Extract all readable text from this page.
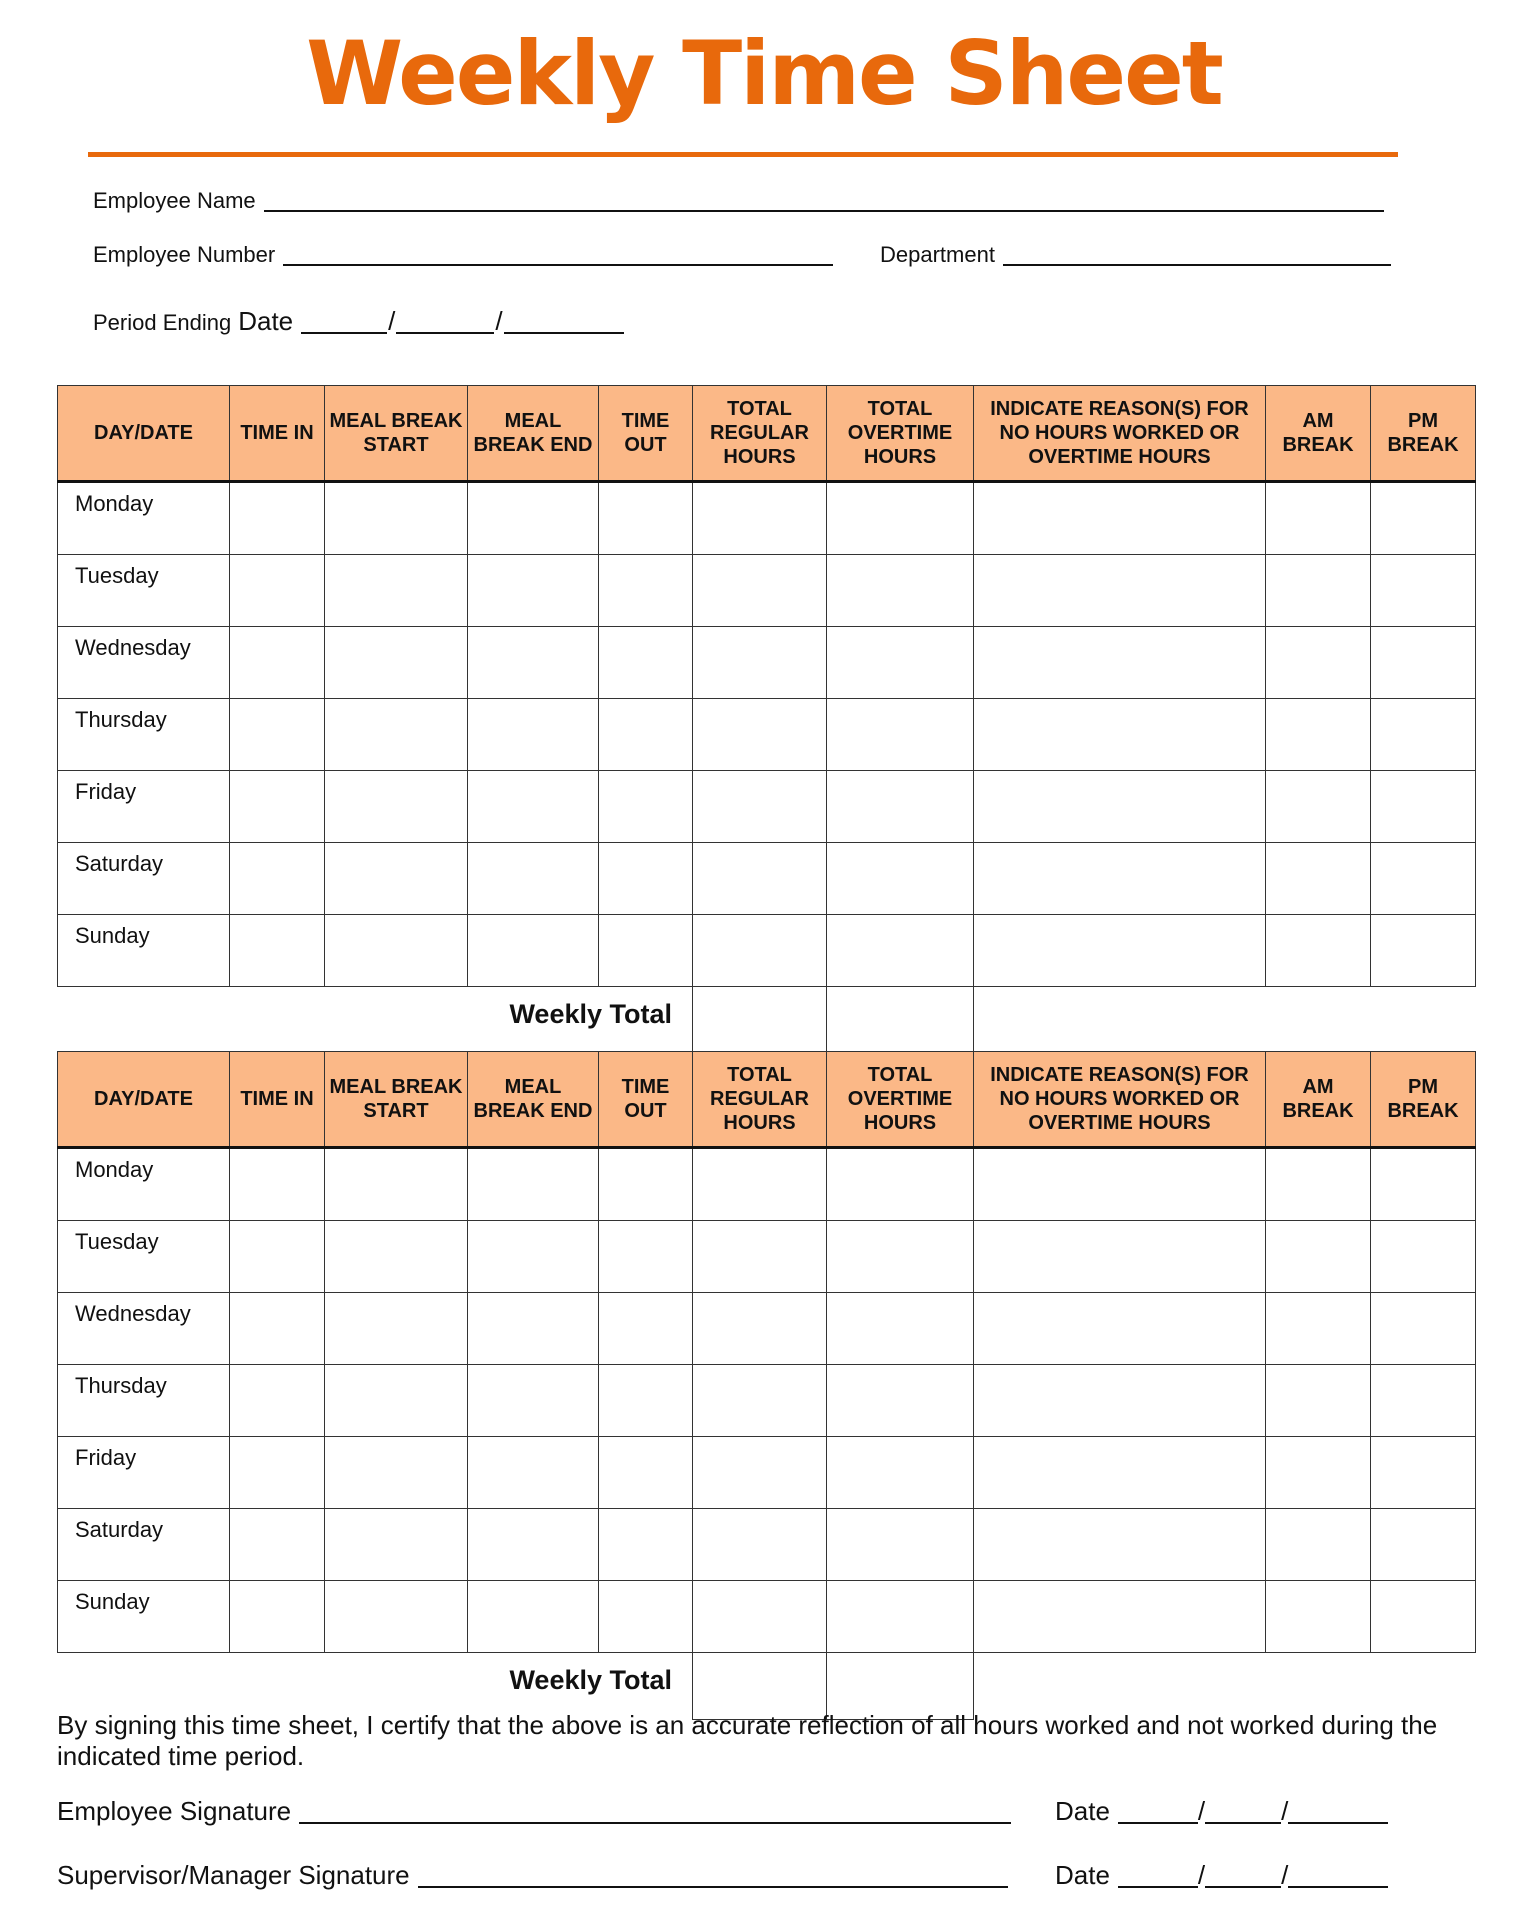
Weekly Time Sheet
Employee Name
Employee Number	Department
Period Ending Date	/	/
DAY/DATE	TIME IN	MEAL BREAK START	MEAL BREAK END	TIME OUT	TOTAL REGULAR HOURS	TOTAL OVERTIME HOURS	INDICATE REASON(S) FOR NO HOURS WORKED OR OVERTIME HOURS	AM BREAK	PM BREAK
Monday									
Tuesday									
Wednesday									
Thursday									
Friday									
Saturday									
Sunday									
Weekly Total									
DAY/DATE	TIME IN	MEAL BREAK START	MEAL BREAK END	TIME OUT	TOTAL REGULAR HOURS	TOTAL OVERTIME HOURS	INDICATE REASON(S) FOR NO HOURS WORKED OR OVERTIME HOURS	AM BREAK	PM BREAK
Monday									
Tuesday									
Wednesday									
Thursday									
Friday									
Saturday									
Sunday									
Weekly Total									
By signing this time sheet, I certify that the above is an accurate reflection of all hours worked and not worked during the indicated time period.
Employee Signature	Date	/	/
Supervisor/Manager Signature	Date	/	/
